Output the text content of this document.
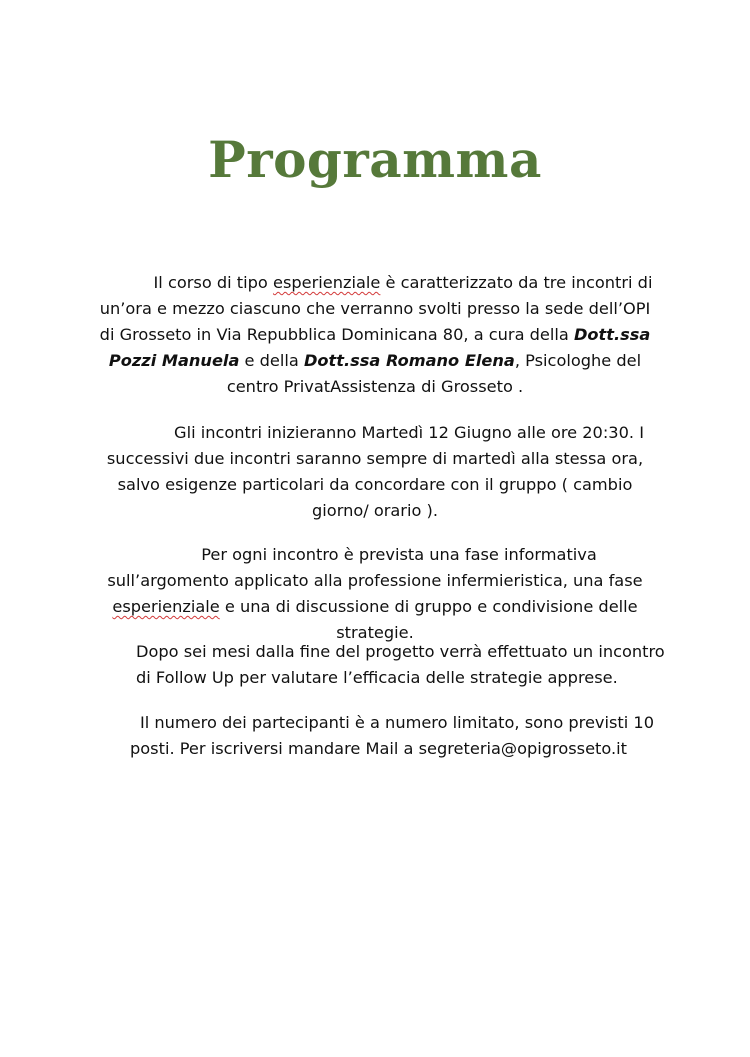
Programma

Il corso di tipo esperienziale è caratterizzato da tre incontri di un’ora e mezzo ciascuno che verranno svolti presso la sede dell’OPI di Grosseto in Via Repubblica Dominicana 80, a cura della Dott.ssa Pozzi Manuela e della Dott.ssa Romano Elena, Psicologhe del centro PrivatAssistenza di Grosseto .

Gli incontri inizieranno Martedì 12 Giugno alle ore 20:30. I successivi due incontri saranno sempre di martedì alla stessa ora, salvo esigenze particolari da concordare con il gruppo ( cambio giorno/ orario ).

Per ogni incontro è prevista una fase informativa sull’argomento applicato alla professione infermieristica, una fase esperienziale e una di discussione di gruppo e condivisione delle strategie.

Dopo sei mesi dalla fine del progetto verrà effettuato un incontro di Follow Up per valutare l’efficacia delle strategie apprese.

Il numero dei partecipanti è a numero limitato, sono previsti 10 posti. Per iscriversi mandare Mail a segreteria@opigrosseto.it
